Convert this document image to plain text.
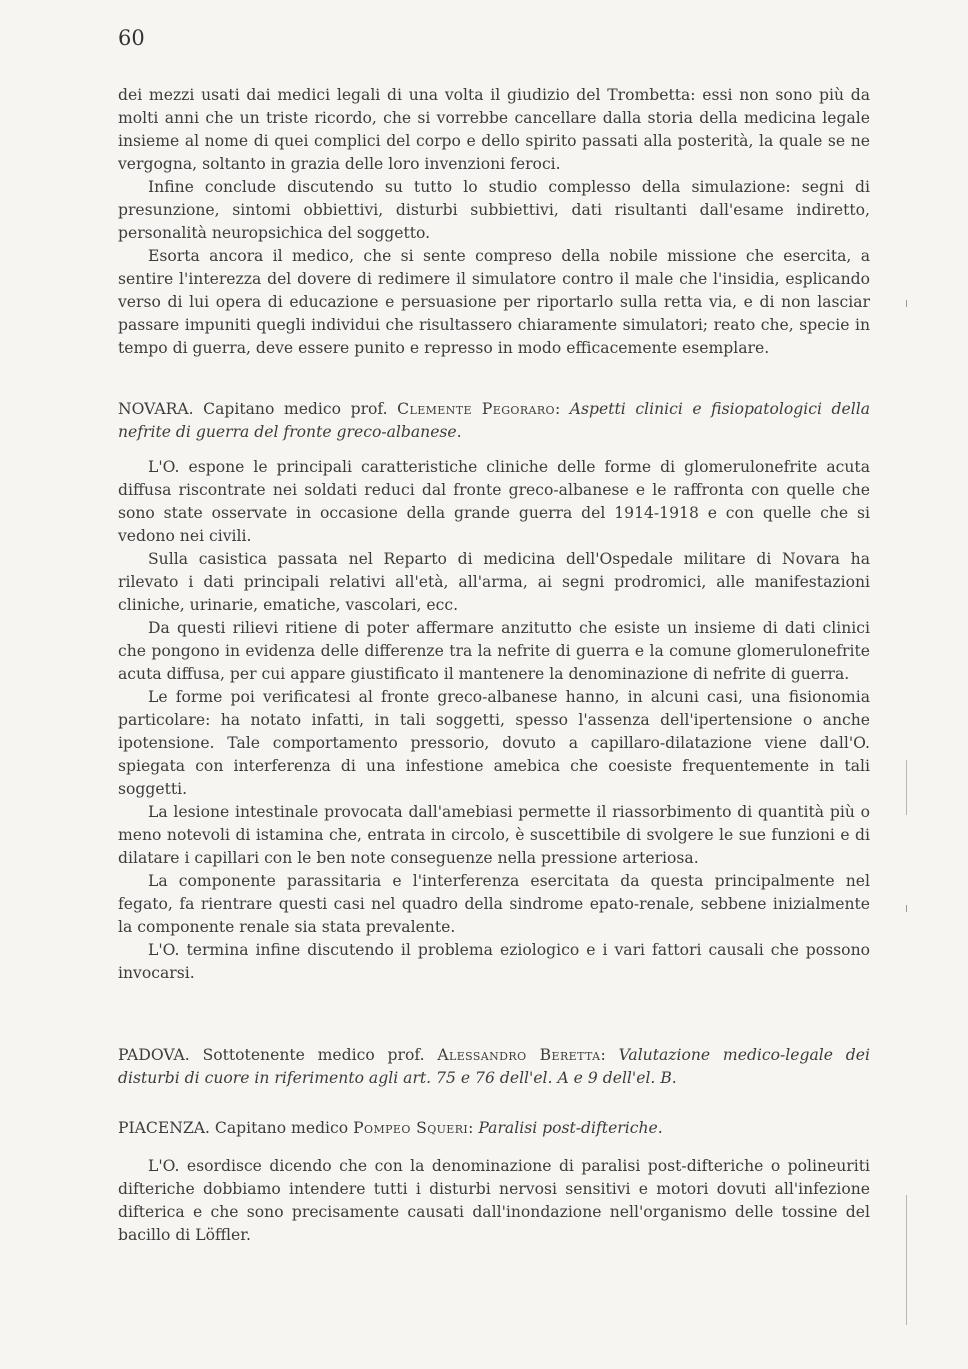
60

dei mezzi usati dai medici legali di una volta il giudizio del Trombetta: essi non sono più da molti anni che un triste ricordo, che si vorrebbe cancellare dalla storia della medicina legale insieme al nome di quei complici del corpo e dello spirito passati alla posterità, la quale se ne vergogna, soltanto in grazia delle loro invenzioni feroci.

Infine conclude discutendo su tutto lo studio complesso della simulazione: segni di presunzione, sintomi obbiettivi, disturbi subbiettivi, dati risultanti dall'esame indiretto, personalità neuropsichica del soggetto.

Esorta ancora il medico, che si sente compreso della nobile missione che esercita, a sentire l'interezza del dovere di redimere il simulatore contro il male che l'insidia, esplicando verso di lui opera di educazione e persuasione per riportarlo sulla retta via, e di non lasciar passare impuniti quegli individui che risultassero chiaramente simulatori; reato che, specie in tempo di guerra, deve essere punito e represso in modo efficacemente esemplare.

NOVARA. Capitano medico prof. Clemente Pegoraro: Aspetti clinici e fisiopatologici della nefrite di guerra del fronte greco-albanese.

L'O. espone le principali caratteristiche cliniche delle forme di glomerulonefrite acuta diffusa riscontrate nei soldati reduci dal fronte greco-albanese e le raffronta con quelle che sono state osservate in occasione della grande guerra del 1914-1918 e con quelle che si vedono nei civili.

Sulla casistica passata nel Reparto di medicina dell'Ospedale militare di Novara ha rilevato i dati principali relativi all'età, all'arma, ai segni prodromici, alle manifestazioni cliniche, urinarie, ematiche, vascolari, ecc.

Da questi rilievi ritiene di poter affermare anzitutto che esiste un insieme di dati clinici che pongono in evidenza delle differenze tra la nefrite di guerra e la comune glomerulonefrite acuta diffusa, per cui appare giustificato il mantenere la denominazione di nefrite di guerra.

Le forme poi verificatesi al fronte greco-albanese hanno, in alcuni casi, una fisionomia particolare: ha notato infatti, in tali soggetti, spesso l'assenza dell'ipertensione o anche ipotensione. Tale comportamento pressorio, dovuto a capillaro-dilatazione viene dall'O. spiegata con interferenza di una infestione amebica che coesiste frequentemente in tali soggetti.

La lesione intestinale provocata dall'amebiasi permette il riassorbimento di quantità più o meno notevoli di istamina che, entrata in circolo, è suscettibile di svolgere le sue funzioni e di dilatare i capillari con le ben note conseguenze nella pressione arteriosa.

La componente parassitaria e l'interferenza esercitata da questa principalmente nel fegato, fa rientrare questi casi nel quadro della sindrome epato-renale, sebbene inizialmente la componente renale sia stata prevalente.

L'O. termina infine discutendo il problema eziologico e i vari fattori causali che possono invocarsi.

PADOVA. Sottotenente medico prof. Alessandro Beretta: Valutazione medico-legale dei disturbi di cuore in riferimento agli art. 75 e 76 dell'el. A e 9 dell'el. B.

PIACENZA. Capitano medico Pompeo Squeri: Paralisi post-difteriche.

L'O. esordisce dicendo che con la denominazione di paralisi post-difteriche o polineuriti difteriche dobbiamo intendere tutti i disturbi nervosi sensitivi e motori dovuti all'infezione difterica e che sono precisamente causati dall'inondazione nell'organismo delle tossine del bacillo di Löffler.
